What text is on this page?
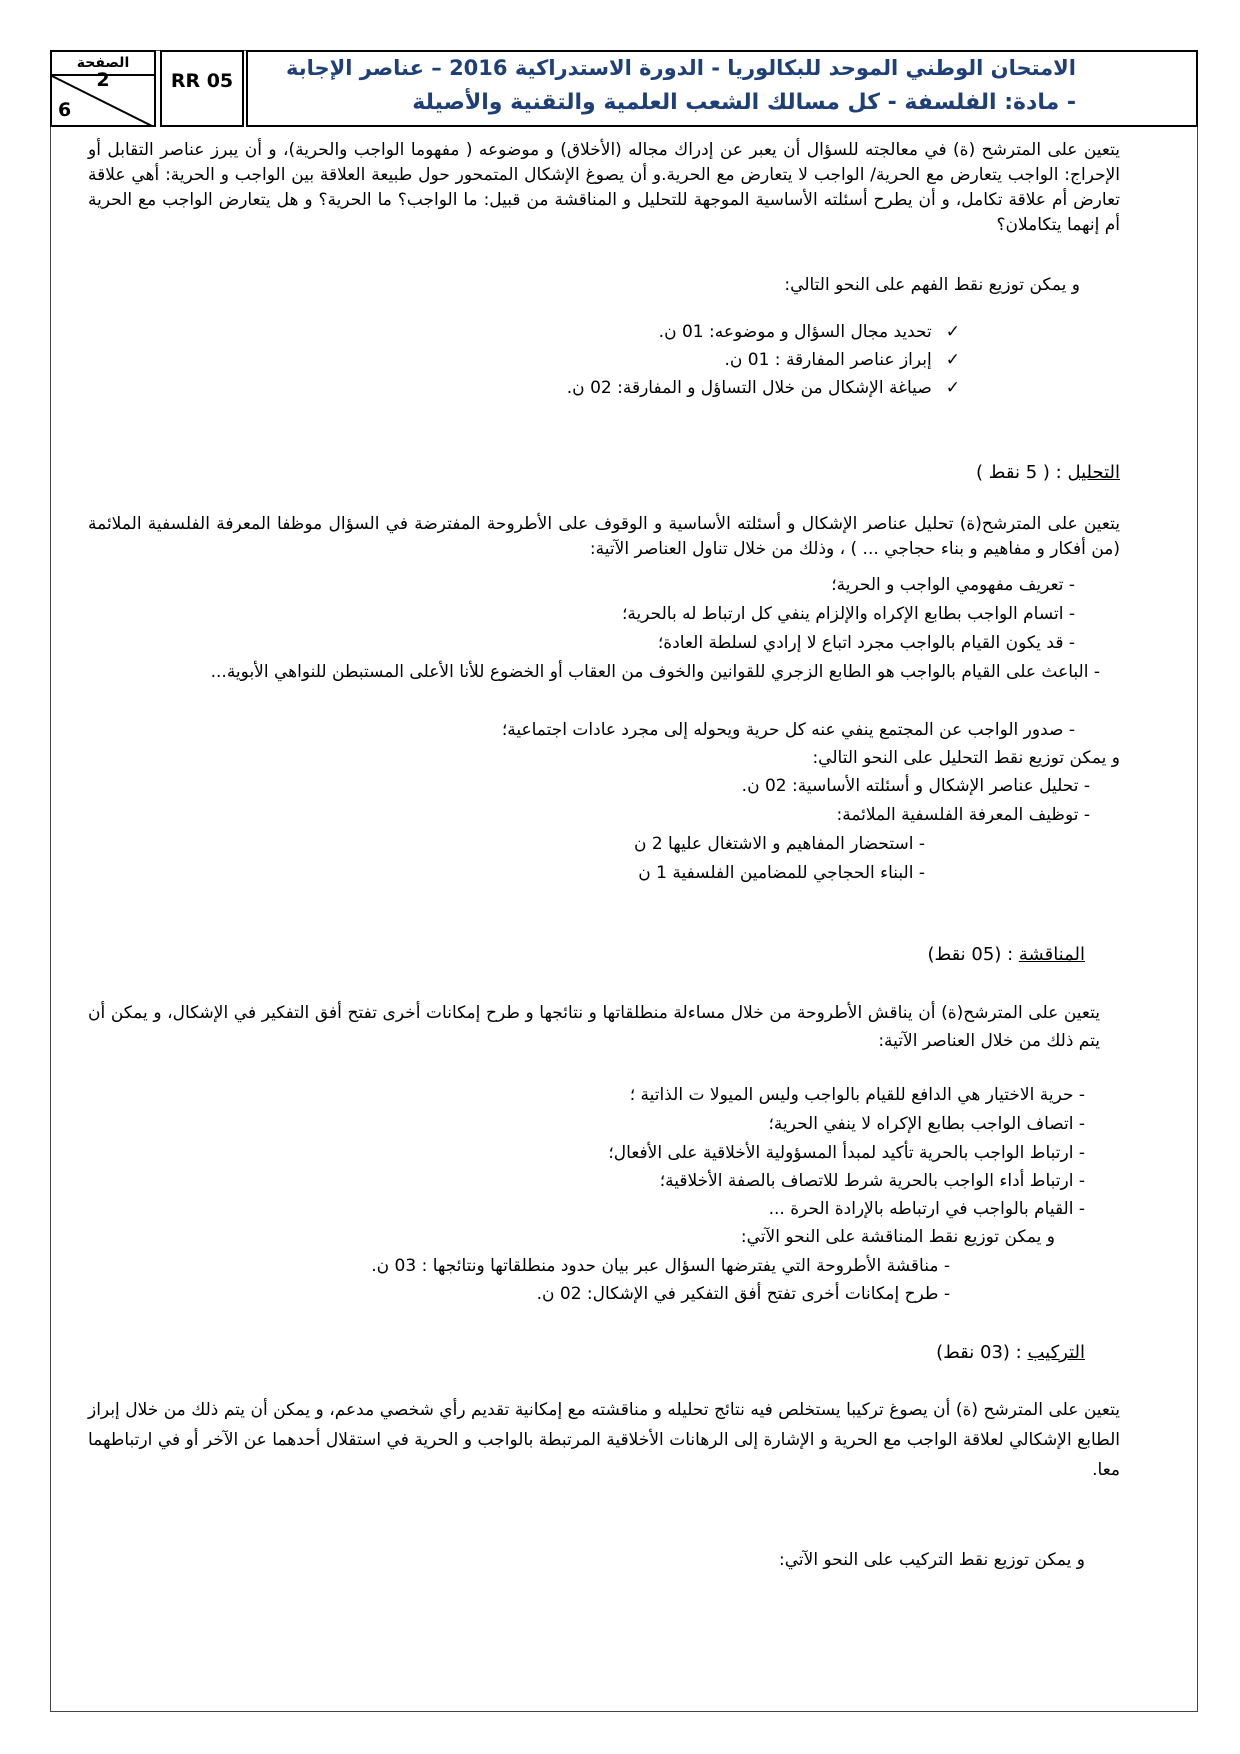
الصفحة
2
6
RR 05
الامتحان الوطني الموحد للبكالوريا - الدورة الاستدراكية 2016 – عناصر الإجابة
- مادة: الفلسفة - كل مسالك الشعب العلمية والتقنية والأصيلة
يتعين على المترشح (ة) في معالجته للسؤال أن يعبر عن إدراك مجاله (الأخلاق) و موضوعه ( مفهوما الواجب والحرية)، و أن يبرز عناصر التقابل أو الإحراج: الواجب يتعارض مع الحرية/ الواجب لا يتعارض مع الحرية.و أن يصوغ الإشكال المتمحور حول طبيعة العلاقة بين الواجب و الحرية: أهي علاقة تعارض أم علاقة تكامل، و أن يطرح أسئلته الأساسية الموجهة للتحليل و المناقشة من قبيل: ما الواجب؟ ما الحرية؟ و هل يتعارض الواجب مع الحرية أم إنهما يتكاملان؟
و يمكن توزيع نقط الفهم على النحو التالي:
✓تحديد مجال السؤال و موضوعه: 01 ن.
✓إبراز عناصر المفارقة : 01 ن.
✓صياغة الإشكال من خلال التساؤل و المفارقة: 02 ن.
التحليل : ( 5 نقط )
يتعين على المترشح(ة) تحليل عناصر الإشكال و أسئلته الأساسية و الوقوف على الأطروحة المفترضة في السؤال موظفا المعرفة الفلسفية الملائمة (من أفكار و مفاهيم و بناء حجاجي ... ) ، وذلك من خلال تناول العناصر الآتية:
- تعريف مفهومي الواجب و الحرية؛
- اتسام الواجب بطابع الإكراه والإلزام ينفي كل ارتباط له بالحرية؛
- قد يكون القيام بالواجب مجرد اتباع لا إرادي لسلطة العادة؛
- الباعث على القيام بالواجب هو الطابع الزجري للقوانين والخوف من العقاب أو الخضوع للأنا الأعلى المستبطن للنواهي الأبوية...
- صدور الواجب عن المجتمع ينفي عنه كل حرية ويحوله إلى مجرد عادات اجتماعية؛
و يمكن توزيع نقط التحليل على النحو التالي:
- تحليل عناصر الإشكال و أسئلته الأساسية: 02 ن.
- توظيف المعرفة الفلسفية الملائمة:
- استحضار المفاهيم و الاشتغال عليها 2 ن
- البناء الحجاجي للمضامين الفلسفية 1 ن
المناقشة : (05 نقط)
يتعين على المترشح(ة) أن يناقش الأطروحة من خلال مساءلة منطلقاتها و نتائجها و طرح إمكانات أخرى تفتح أفق التفكير في الإشكال، و يمكن أن يتم ذلك من خلال العناصر الآتية:
- حرية الاختيار هي الدافع للقيام بالواجب وليس الميولا ت الذاتية ؛
- اتصاف الواجب بطابع الإكراه لا ينفي الحرية؛
- ارتباط الواجب بالحرية تأكيد لمبدأ المسؤولية الأخلاقية على الأفعال؛
- ارتباط أداء الواجب بالحرية شرط للاتصاف بالصفة الأخلاقية؛
- القيام بالواجب في ارتباطه بالإرادة الحرة ...
و يمكن توزيع نقط المناقشة على النحو الآتي:
- مناقشة الأطروحة التي يفترضها السؤال عبر بيان حدود منطلقاتها ونتائجها : 03 ن.
- طرح إمكانات أخرى تفتح أفق التفكير في الإشكال: 02 ن.
التركيب : (03 نقط)
يتعين على المترشح (ة) أن يصوغ تركيبا يستخلص فيه نتائج تحليله و مناقشته مع إمكانية تقديم رأي شخصي مدعم، و يمكن أن يتم ذلك من خلال إبراز الطابع الإشكالي لعلاقة الواجب مع الحرية و الإشارة إلى الرهانات الأخلاقية المرتبطة بالواجب و الحرية في استقلال أحدهما عن الآخر أو في ارتباطهما معا.
و يمكن توزيع نقط التركيب على النحو الآتي:
